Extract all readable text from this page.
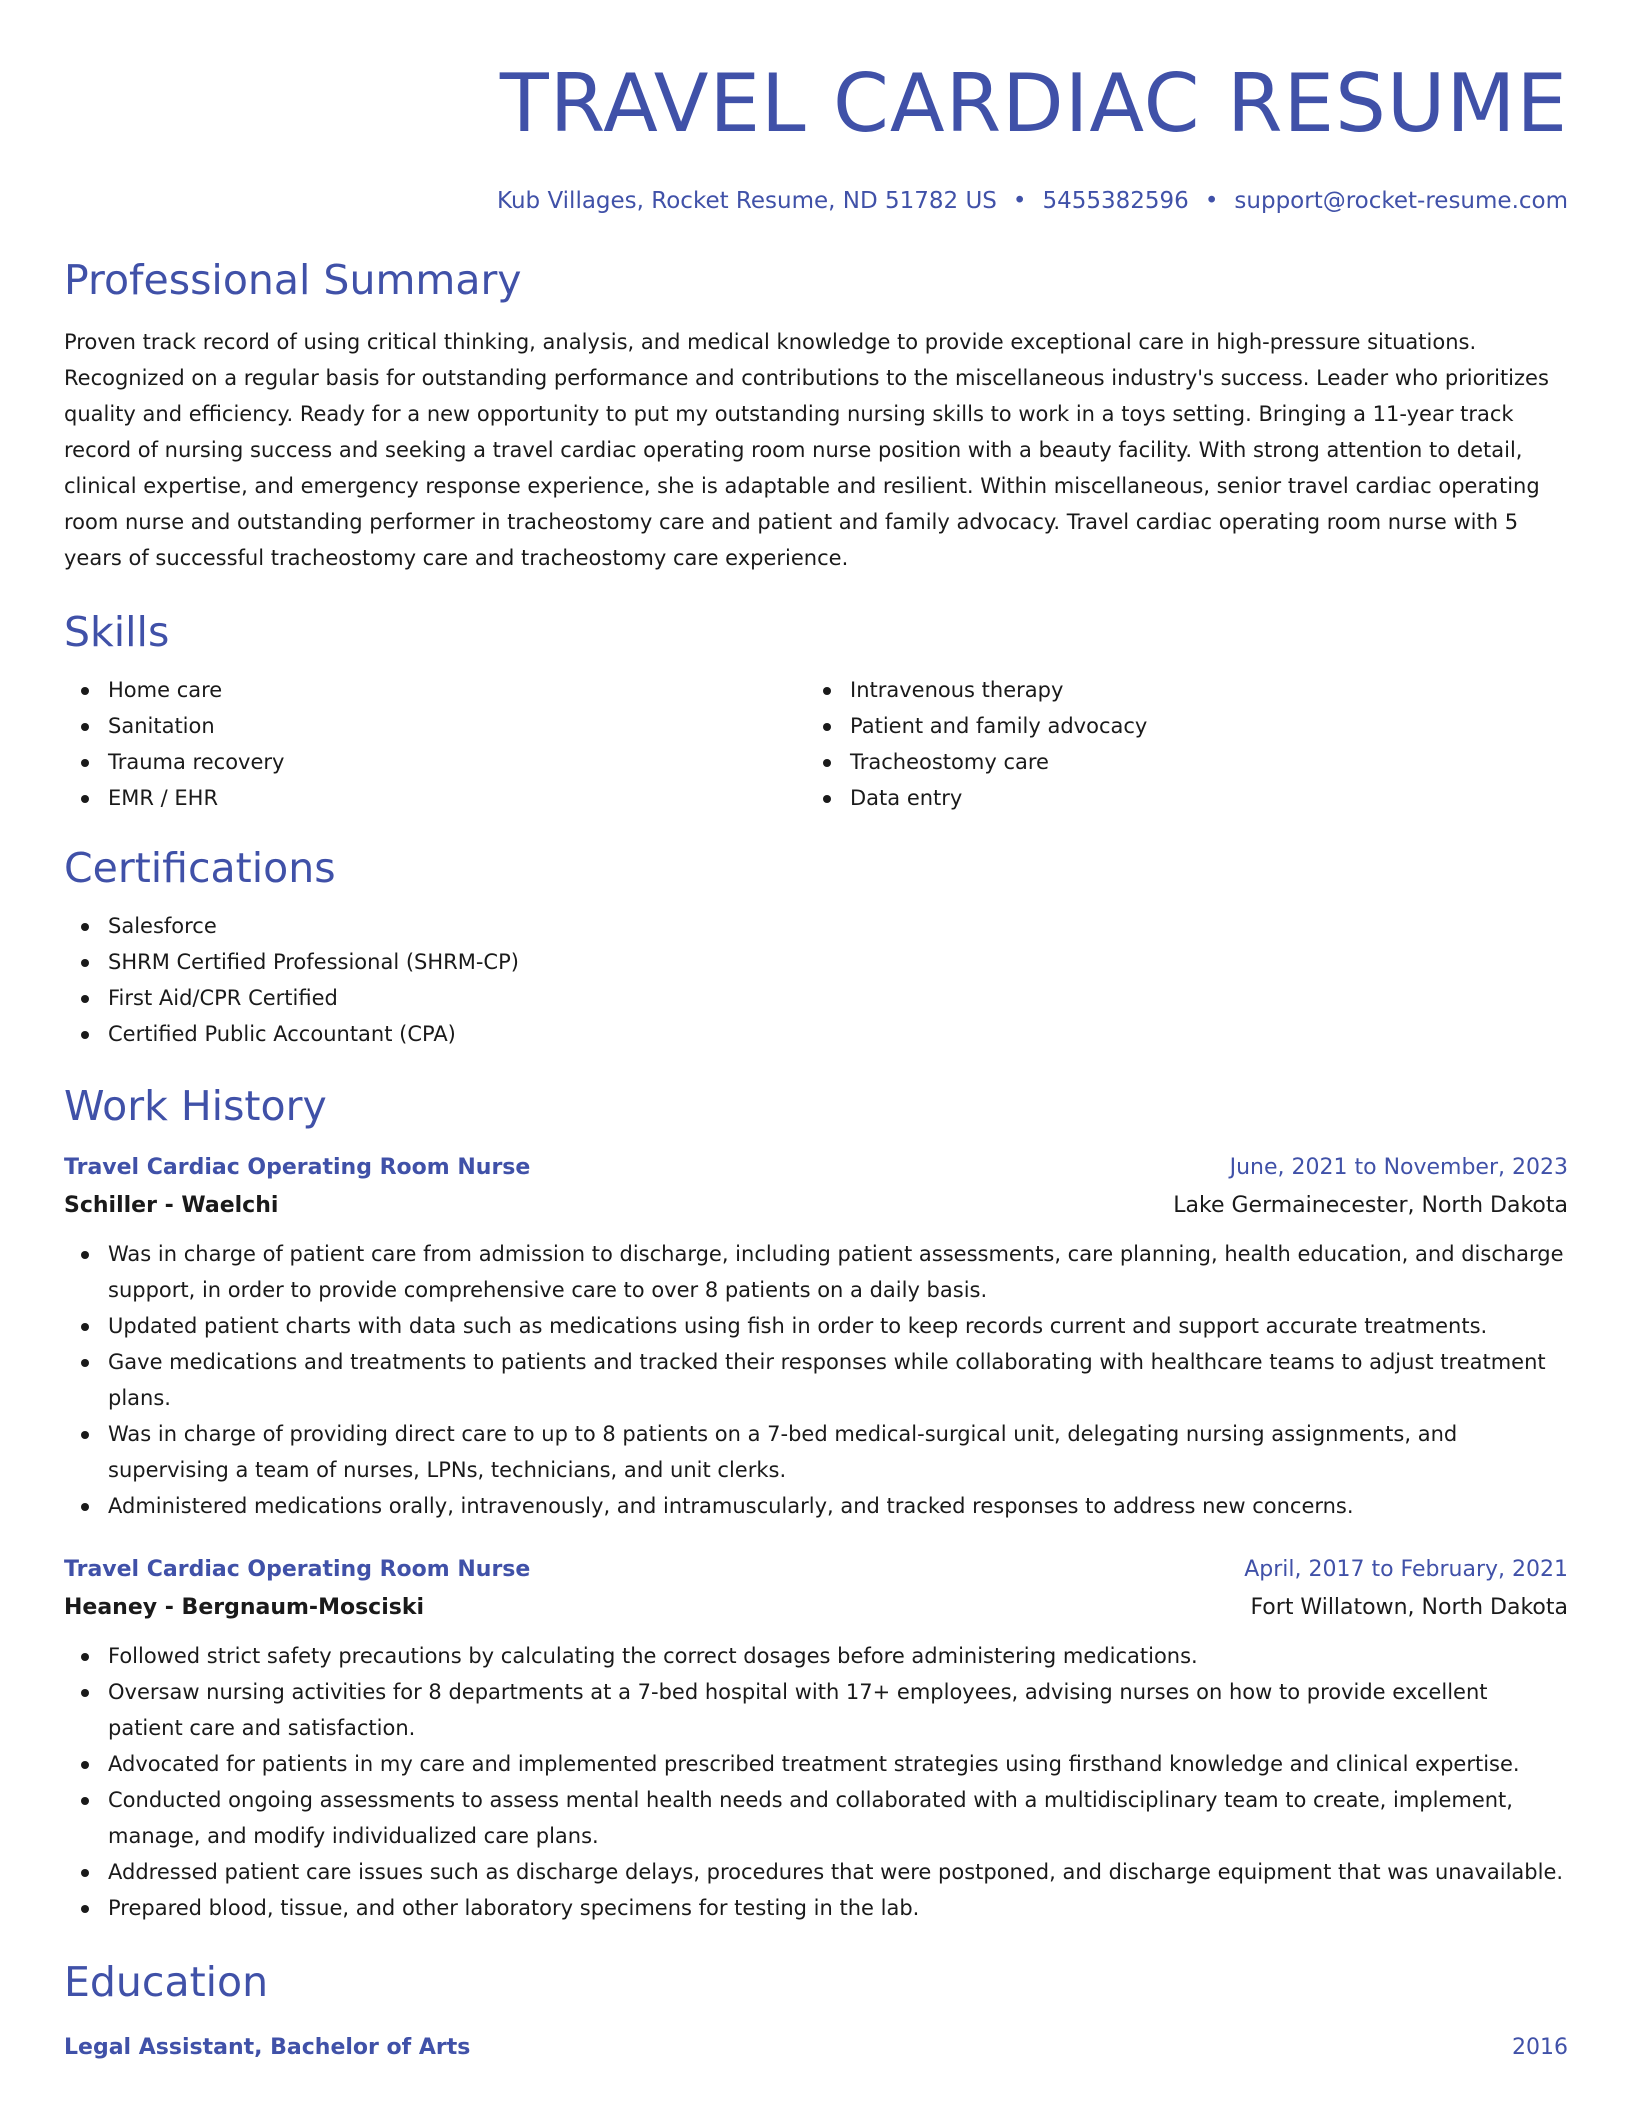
TRAVEL CARDIAC RESUME
Kub Villages, Rocket Resume, ND 51782 US • 5455382596 • support@rocket-resume.com
Professional Summary

Proven track record of using critical thinking, analysis, and medical knowledge to provide exceptional care in high-pressure situations. Recognized on a regular basis for outstanding performance and contributions to the miscellaneous industry's success. Leader who prioritizes quality and efficiency. Ready for a new opportunity to put my outstanding nursing skills to work in a toys setting. Bringing a 11-year track record of nursing success and seeking a travel cardiac operating room nurse position with a beauty facility. With strong attention to detail, clinical expertise, and emergency response experience, she is adaptable and resilient. Within miscellaneous, senior travel cardiac operating room nurse and outstanding performer in tracheostomy care and patient and family advocacy. Travel cardiac operating room nurse with 5 years of successful tracheostomy care and tracheostomy care experience.

Skills
Home care
Sanitation
Trauma recovery
EMR / EHR
Intravenous therapy
Patient and family advocacy
Tracheostomy care
Data entry
Certifications
Salesforce
SHRM Certified Professional (SHRM-CP)
First Aid/CPR Certified
Certified Public Accountant (CPA)
Work History
Travel Cardiac Operating Room Nurse	June, 2021 to November, 2023
Schiller - Waelchi	Lake Germainecester, North Dakota
Was in charge of patient care from admission to discharge, including patient assessments, care planning, health education, and discharge support, in order to provide comprehensive care to over 8 patients on a daily basis.
Updated patient charts with data such as medications using fish in order to keep records current and support accurate treatments.
Gave medications and treatments to patients and tracked their responses while collaborating with healthcare teams to adjust treatment plans.
Was in charge of providing direct care to up to 8 patients on a 7-bed medical-surgical unit, delegating nursing assignments, and supervising a team of nurses, LPNs, technicians, and unit clerks.
Administered medications orally, intravenously, and intramuscularly, and tracked responses to address new concerns.
Travel Cardiac Operating Room Nurse	April, 2017 to February, 2021
Heaney - Bergnaum-Mosciski	Fort Willatown, North Dakota
Followed strict safety precautions by calculating the correct dosages before administering medications.
Oversaw nursing activities for 8 departments at a 7-bed hospital with 17+ employees, advising nurses on how to provide excellent patient care and satisfaction.
Advocated for patients in my care and implemented prescribed treatment strategies using firsthand knowledge and clinical expertise.
Conducted ongoing assessments to assess mental health needs and collaborated with a multidisciplinary team to create, implement, manage, and modify individualized care plans.
Addressed patient care issues such as discharge delays, procedures that were postponed, and discharge equipment that was unavailable.
Prepared blood, tissue, and other laboratory specimens for testing in the lab.
Education
Legal Assistant, Bachelor of Arts	2016
